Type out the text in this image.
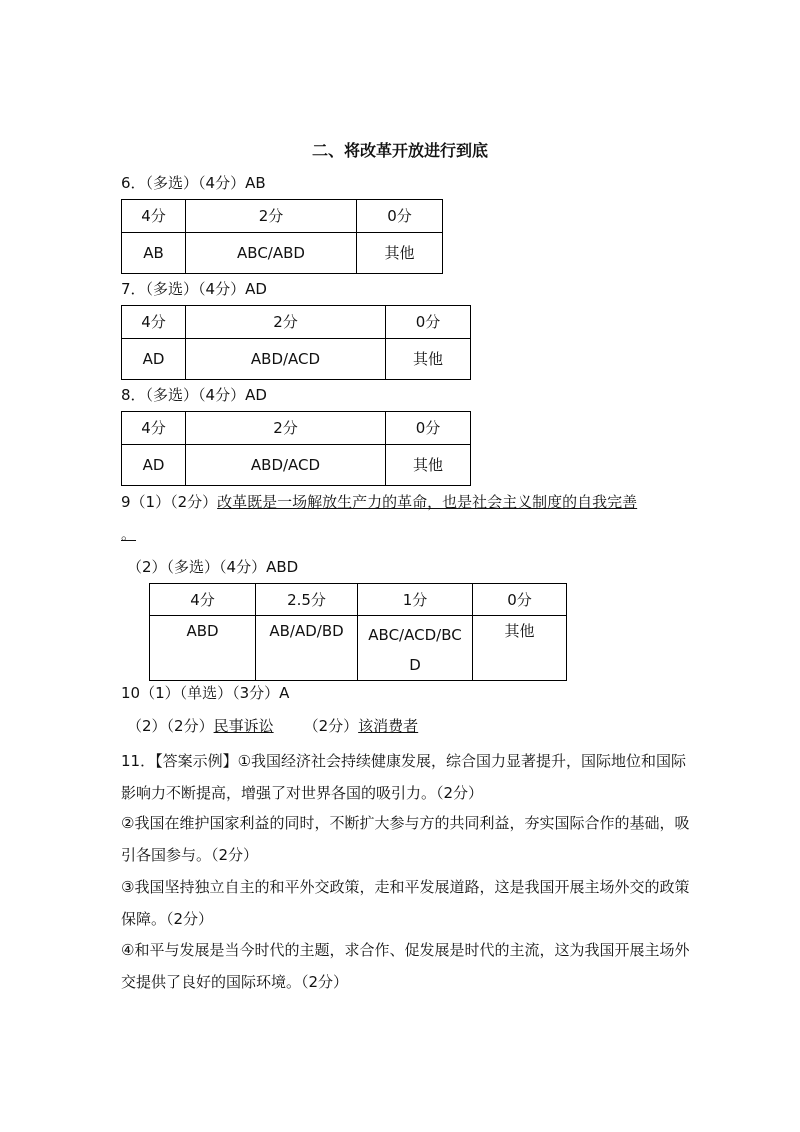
二、将改革开放进行到底
6．（多选）（4分）AB
4分	2分	0分
AB	ABC/ABD	其他
7．（多选）（4分）AD
4分	2分	0分
AD	ABD/ACD	其他
8．（多选）（4分）AD
4分	2分	0分
AD	ABD/ACD	其他
9（1）（2分）改革既是一场解放生产力的革命，也是社会主义制度的自我完善
。
（2）（多选）（4分）ABD
4分	2.5分	1分	0分
ABD	AB/AD/BD	ABC/ACD/BCD	其他
10（1）（单选）（3分）A
（2）（2分）民事诉讼 （2分）该消费者
11．【答案示例】①我国经济社会持续健康发展，综合国力显著提升，国际地位和国际影响力不断提高，增强了对世界各国的吸引力。（2分）
②我国在维护国家利益的同时，不断扩大参与方的共同利益，夯实国际合作的基础，吸引各国参与。（2分）
③我国坚持独立自主的和平外交政策，走和平发展道路，这是我国开展主场外交的政策保障。（2分）
④和平与发展是当今时代的主题，求合作、促发展是时代的主流，这为我国开展主场外交提供了良好的国际环境。（2分）
